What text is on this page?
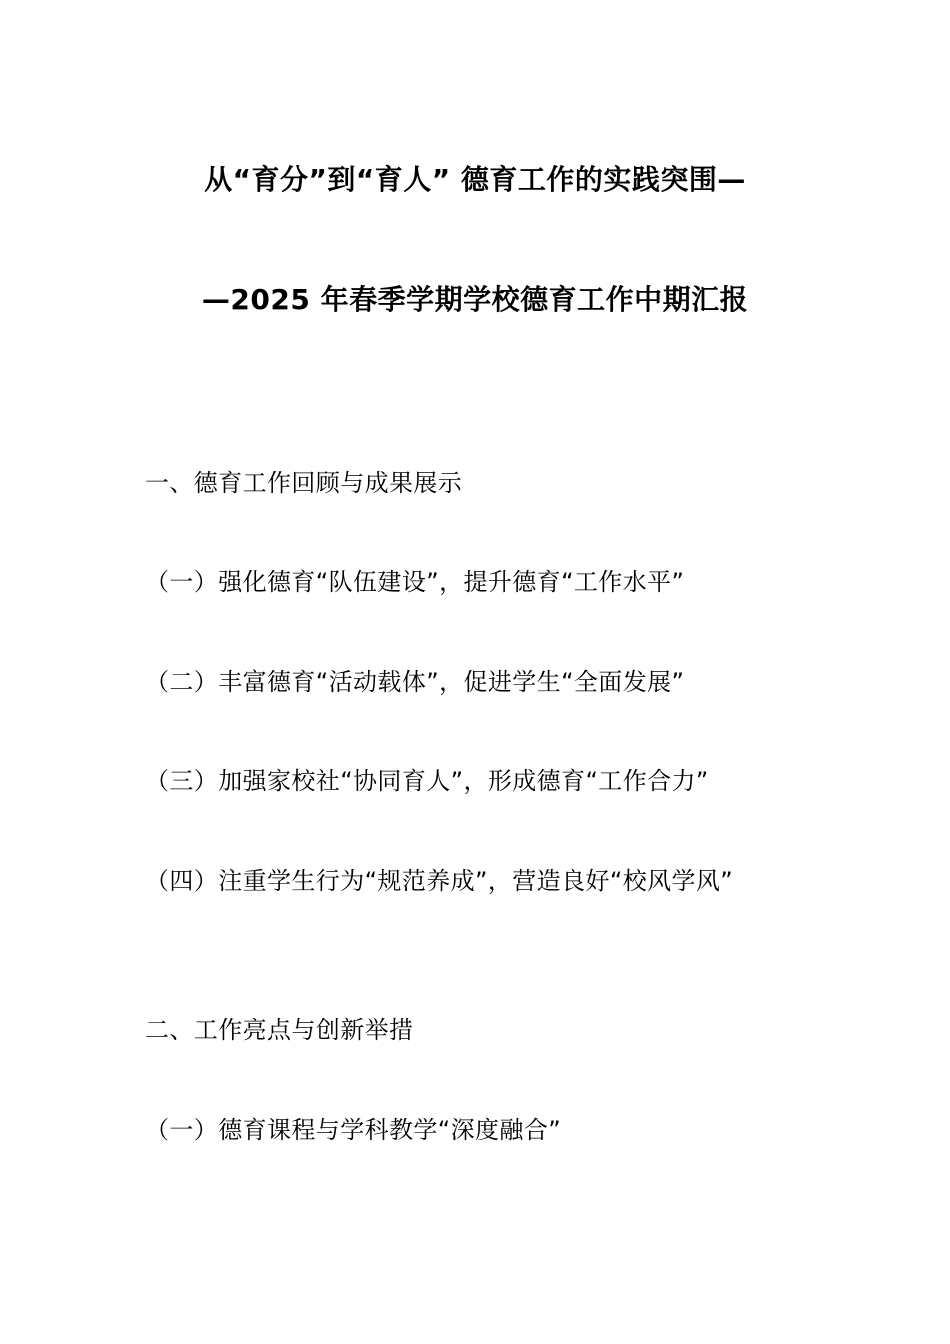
从“育分”到“育人” 德育工作的实践突围—
—2025 年春季学期学校德育工作中期汇报
一、德育工作回顾与成果展示
（一）强化德育“队伍建设”，提升德育“工作水平”
（二）丰富德育“活动载体”，促进学生“全面发展”
（三）加强家校社“协同育人”，形成德育“工作合力”
（四）注重学生行为“规范养成”，营造良好“校风学风”
二、工作亮点与创新举措
（一）德育课程与学科教学“深度融合”
